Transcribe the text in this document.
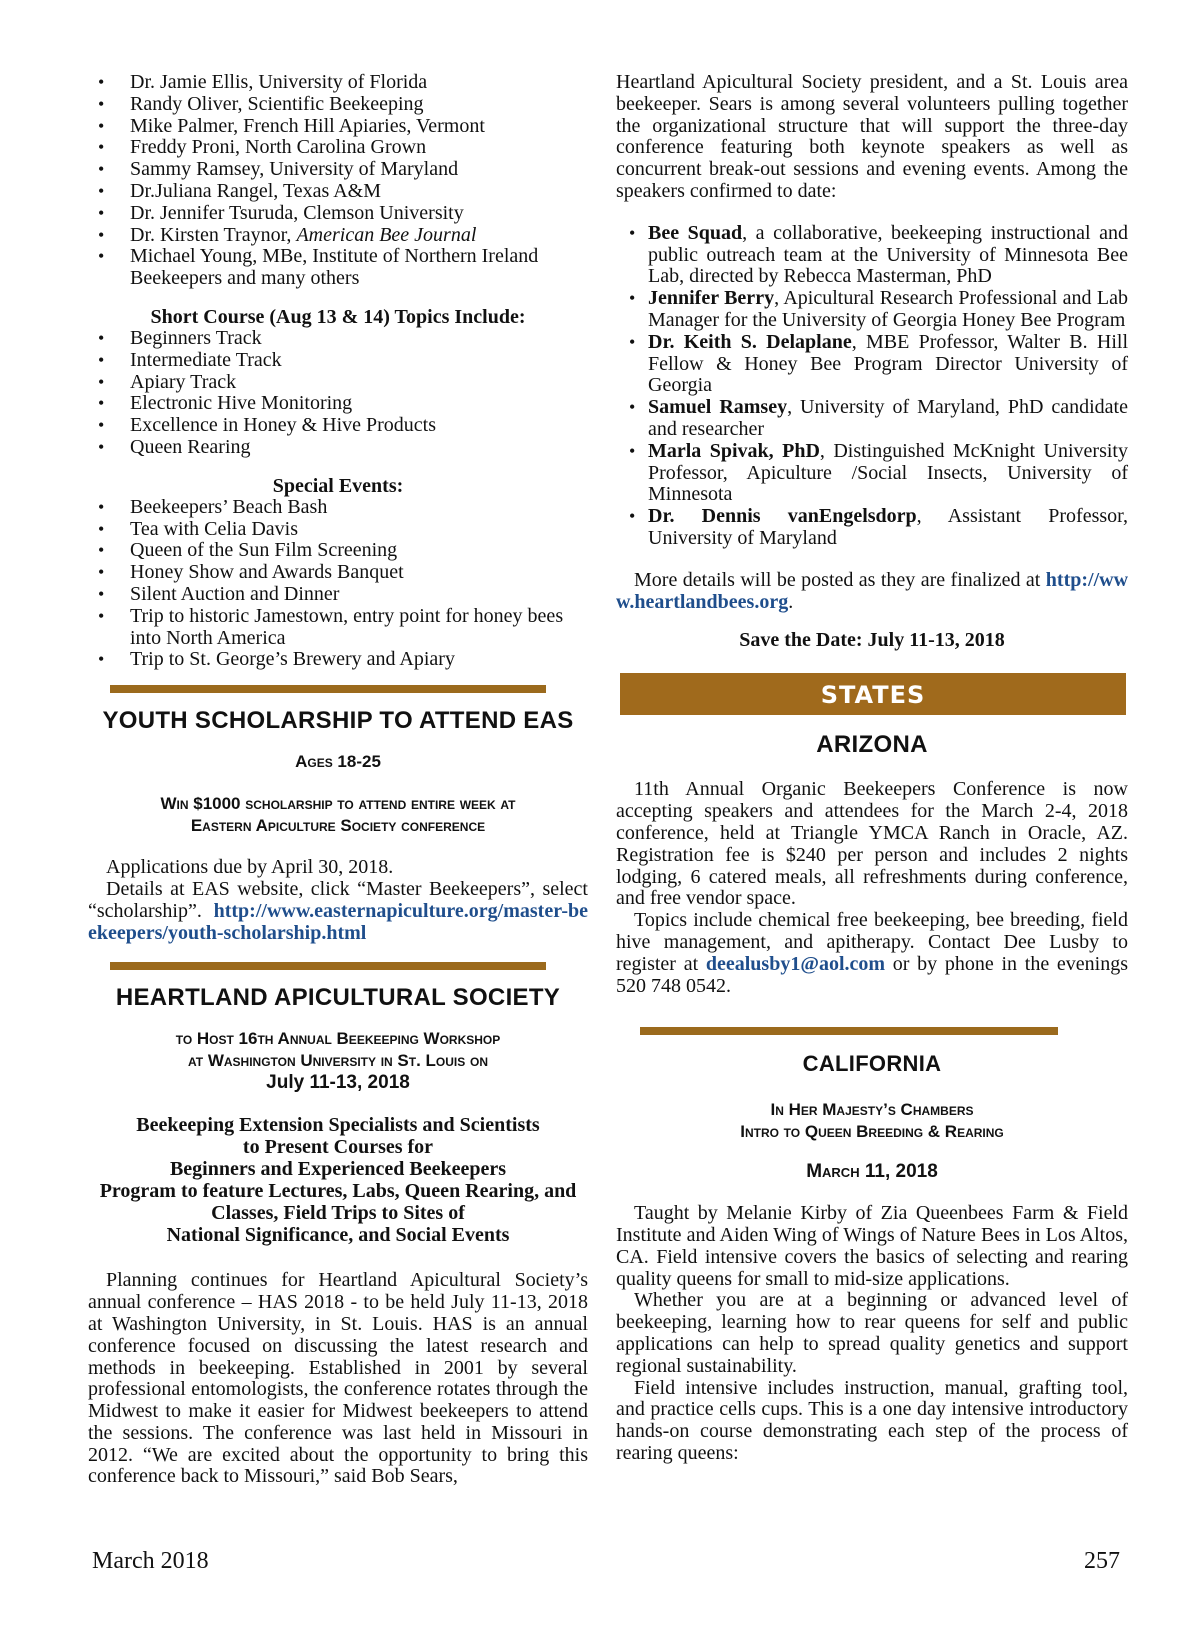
• Dr. Jamie Ellis, University of Florida
• Randy Oliver, Scientific Beekeeping
• Mike Palmer, French Hill Apiaries, Vermont
• Freddy Proni, North Carolina Grown
• Sammy Ramsey, University of Maryland
• Dr.Juliana Rangel, Texas A&M
• Dr. Jennifer Tsuruda, Clemson University
• Dr. Kirsten Traynor, American Bee Journal
• Michael Young, MBe, Institute of Northern Ireland Beekeepers and many others
Short Course (Aug 13 & 14) Topics Include:
• Beginners Track
• Intermediate Track
• Apiary Track
• Electronic Hive Monitoring
• Excellence in Honey & Hive Products
• Queen Rearing
Special Events:
• Beekeepers’ Beach Bash
• Tea with Celia Davis
• Queen of the Sun Film Screening
• Honey Show and Awards Banquet
• Silent Auction and Dinner
• Trip to historic Jamestown, entry point for honey bees into North America
• Trip to St. George’s Brewery and Apiary
YOUTH SCHOLARSHIP TO ATTEND EAS
Ages 18-25
Win $1000 scholarship to attend entire week at
Eastern Apiculture Society conference

Applications due by April 30, 2018.

Details at EAS website, click “Master Beekeepers”, select “scholarship”. http://www.easternapiculture.org/master-beekeepers/youth-scholarship.html

HEARTLAND APICULTURAL SOCIETY
to Host 16th Annual Beekeeping Workshop
at Washington University in St. Louis on
July 11-13, 2018
Beekeeping Extension Specialists and Scientists
to Present Courses for
Beginners and Experienced Beekeepers
Program to feature Lectures, Labs, Queen Rearing, and
Classes, Field Trips to Sites of
National Significance, and Social Events

Planning continues for Heartland Apicultural Society’s annual conference – HAS 2018 - to be held July 11-13, 2018 at Washington University, in St. Louis. HAS is an annual conference focused on discussing the latest research and methods in beekeeping. Established in 2001 by several professional entomologists, the conference rotates through the Midwest to make it easier for Midwest beekeepers to attend the sessions. The conference was last held in Missouri in 2012. “We are excited about the opportunity to bring this conference back to Missouri,” said Bob Sears,

Heartland Apicultural Society president, and a St. Louis area beekeeper. Sears is among several volunteers pulling together the organizational structure that will support the three-day conference featuring both keynote speakers as well as concurrent break-out sessions and evening events. Among the speakers confirmed to date:

• Bee Squad, a collaborative, beekeeping instructional and public outreach team at the University of Minnesota Bee Lab, directed by Rebecca Masterman, PhD
• Jennifer Berry, Apicultural Research Professional and Lab Manager for the University of Georgia Honey Bee Program
• Dr. Keith S. Delaplane, MBE Professor, Walter B. Hill Fellow & Honey Bee Program Director University of Georgia
• Samuel Ramsey, University of Maryland, PhD candidate and researcher
• Marla Spivak, PhD, Distinguished McKnight University Professor, Apiculture /Social Insects, University of Minnesota
• Dr. Dennis vanEngelsdorp, Assistant Professor, University of Maryland

More details will be posted as they are finalized at http://www.heartlandbees.org.

Save the Date: July 11-13, 2018
STATES
ARIZONA

11th Annual Organic Beekeepers Conference is now accepting speakers and attendees for the March 2-4, 2018 conference, held at Triangle YMCA Ranch in Oracle, AZ. Registration fee is $240 per person and includes 2 nights lodging, 6 catered meals, all refreshments during conference, and free vendor space.

Topics include chemical free beekeeping, bee breeding, field hive management, and apitherapy. Contact Dee Lusby to register at deealusby1@aol.com or by phone in the evenings 520 748 0542.

CALIFORNIA
In Her Majesty’s Chambers
Intro to Queen Breeding & Rearing
March 11, 2018

Taught by Melanie Kirby of Zia Queenbees Farm & Field Institute and Aiden Wing of Wings of Nature Bees in Los Altos, CA. Field intensive covers the basics of selecting and rearing quality queens for small to mid-size applications.

Whether you are at a beginning or advanced level of beekeeping, learning how to rear queens for self and public applications can help to spread quality genetics and support regional sustainability.

Field intensive includes instruction, manual, grafting tool, and practice cells cups. This is a one day intensive introductory hands-on course demonstrating each step of the process of rearing queens:

March 2018	257
